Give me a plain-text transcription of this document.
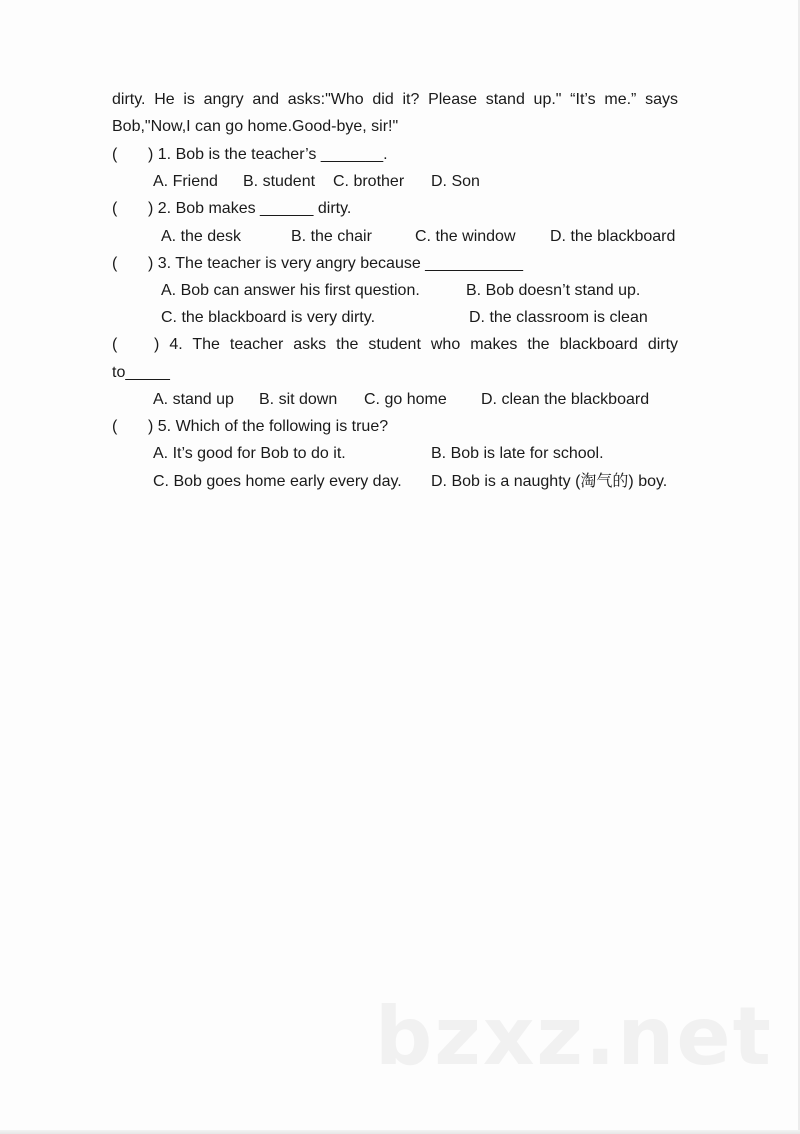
dirty. He is angry and asks:"Who did it? Please stand up." “It’s me.” says
Bob,"Now,I can go home.Good-bye, sir!"
( ) 1. Bob is the teacher’s _______.
A. Friend B. student C. brother D. Son
( ) 2. Bob makes ______ dirty.
A. the desk	B. the chair	C. the window D. the blackboard
( ) 3. The teacher is very angry because ___________
A. Bob can answer his first question.	B. Bob doesn’t stand up.
C. the blackboard is very dirty.	D. the classroom is clean
( ) 4. The teacher asks the student who makes the blackboard dirty
to_____
A. stand up B. sit down C. go home D. clean the blackboard
( ) 5. Which of the following is true?
A. It’s good for Bob to do it.	B. Bob is late for school.
C. Bob goes home early every day. D. Bob is a naughty (淘气的) boy.
bzxz.net
